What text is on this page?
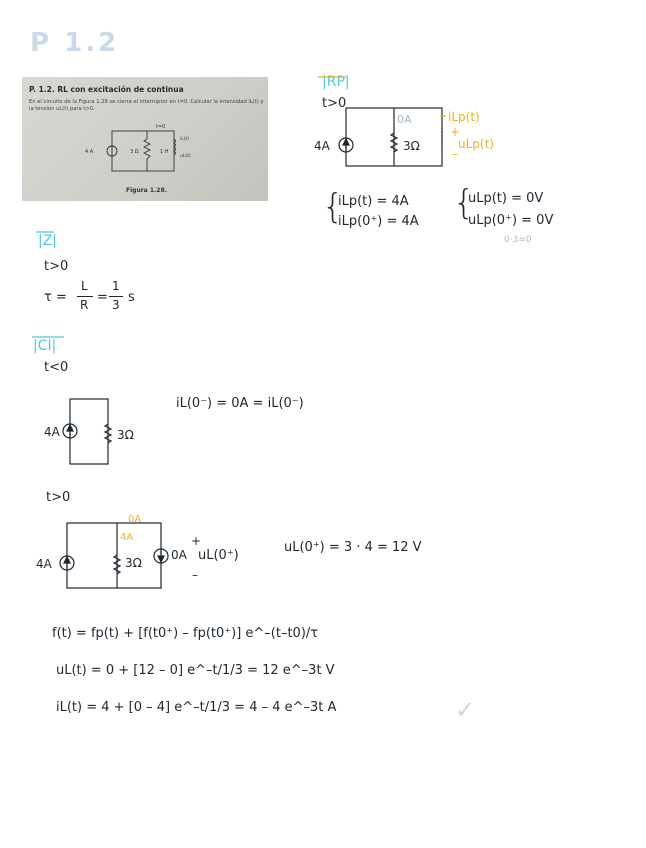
P 1.2
P. 1.2. RL con excitación de continua
En el circuito de la Figura 1.28 se cierra el interruptor en t=0. Calcular la intensidad iL(t) y la tensión uL(t) para t>0.
4 A	3 Ω	1 H
t=0
iL(t)
uL(t)
Figura 1.28.
|RP|
t>0
4A	3Ω
0A	iLp(t)
+
uLp(t)
–
{
iLp(t) = 4A
iLp(0⁺) = 4A {
uLp(t) = 0V
uLp(0⁺) = 0V
0·3=0
|Z|
t>0
τ =
L
R =
1
3 s
|CI|
t<0
4A	3Ω
iL(0⁻) = 0A = iL(0⁻)
t>0
0A
4A
4A	3Ω
0A
+
uL(0⁺)
–
uL(0⁺) = 3 · 4 = 12 V
f(t) = fp(t) + [f(t0⁺) – fp(t0⁺)] e^–(t–t0)/τ
uL(t) = 0 + [12 – 0] e^–t/1/3 = 12 e^–3t V
iL(t) = 4 + [0 – 4] e^–t/1/3 = 4 – 4 e^–3t A	✓
